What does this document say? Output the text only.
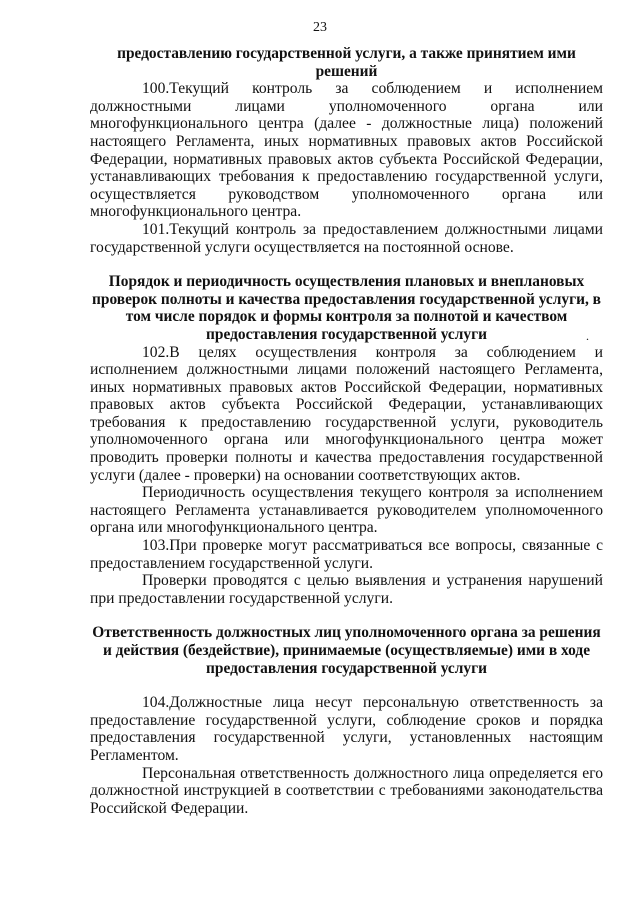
23
предоставлению государственной услуги, а также принятием ими решений

100.Текущий контроль за соблюдением и исполнением должностными лицами уполномоченного органа или многофункционального центра (далее - должностные лица) положений настоящего Регламента, иных нормативных правовых актов Российской Федерации, нормативных правовых актов субъекта Российской Федерации, устанавливающих требования к предоставлению государственной услуги, осуществляется руководством уполномоченного органа или многофункционального центра.

101.Текущий контроль за предоставлением должностными лицами государственной услуги осуществляется на постоянной основе.

Порядок и периодичность осуществления плановых и внеплановых проверок полноты и качества предоставления государственной услуги, в том числе порядок и формы контроля за полнотой и качеством предоставления государственной услуги	.

102.В целях осуществления контроля за соблюдением и исполнением должностными лицами положений настоящего Регламента, иных нормативных правовых актов Российской Федерации, нормативных правовых актов субъекта Российской Федерации, устанавливающих требования к предоставлению государственной услуги, руководитель уполномоченного органа или многофункционального центра может проводить проверки полноты и качества предоставления государственной услуги (далее - проверки) на основании соответствующих актов.

Периодичность осуществления текущего контроля за исполнением настоящего Регламента устанавливается руководителем уполномоченного органа или многофункционального центра.

103.При проверке могут рассматриваться все вопросы, связанные с предоставлением государственной услуги.

Проверки проводятся с целью выявления и устранения нарушений при предоставлении государственной услуги.

Ответственность должностных лиц уполномоченного органа за решения и действия (бездействие), принимаемые (осуществляемые) ими в ходе предоставления государственной услуги

104.Должностные лица несут персональную ответственность за предоставление государственной услуги, соблюдение сроков и порядка предоставления государственной услуги, установленных настоящим Регламентом.

Персональная ответственность должностного лица определяется его должностной инструкцией в соответствии с требованиями законодательства Российской Федерации.
